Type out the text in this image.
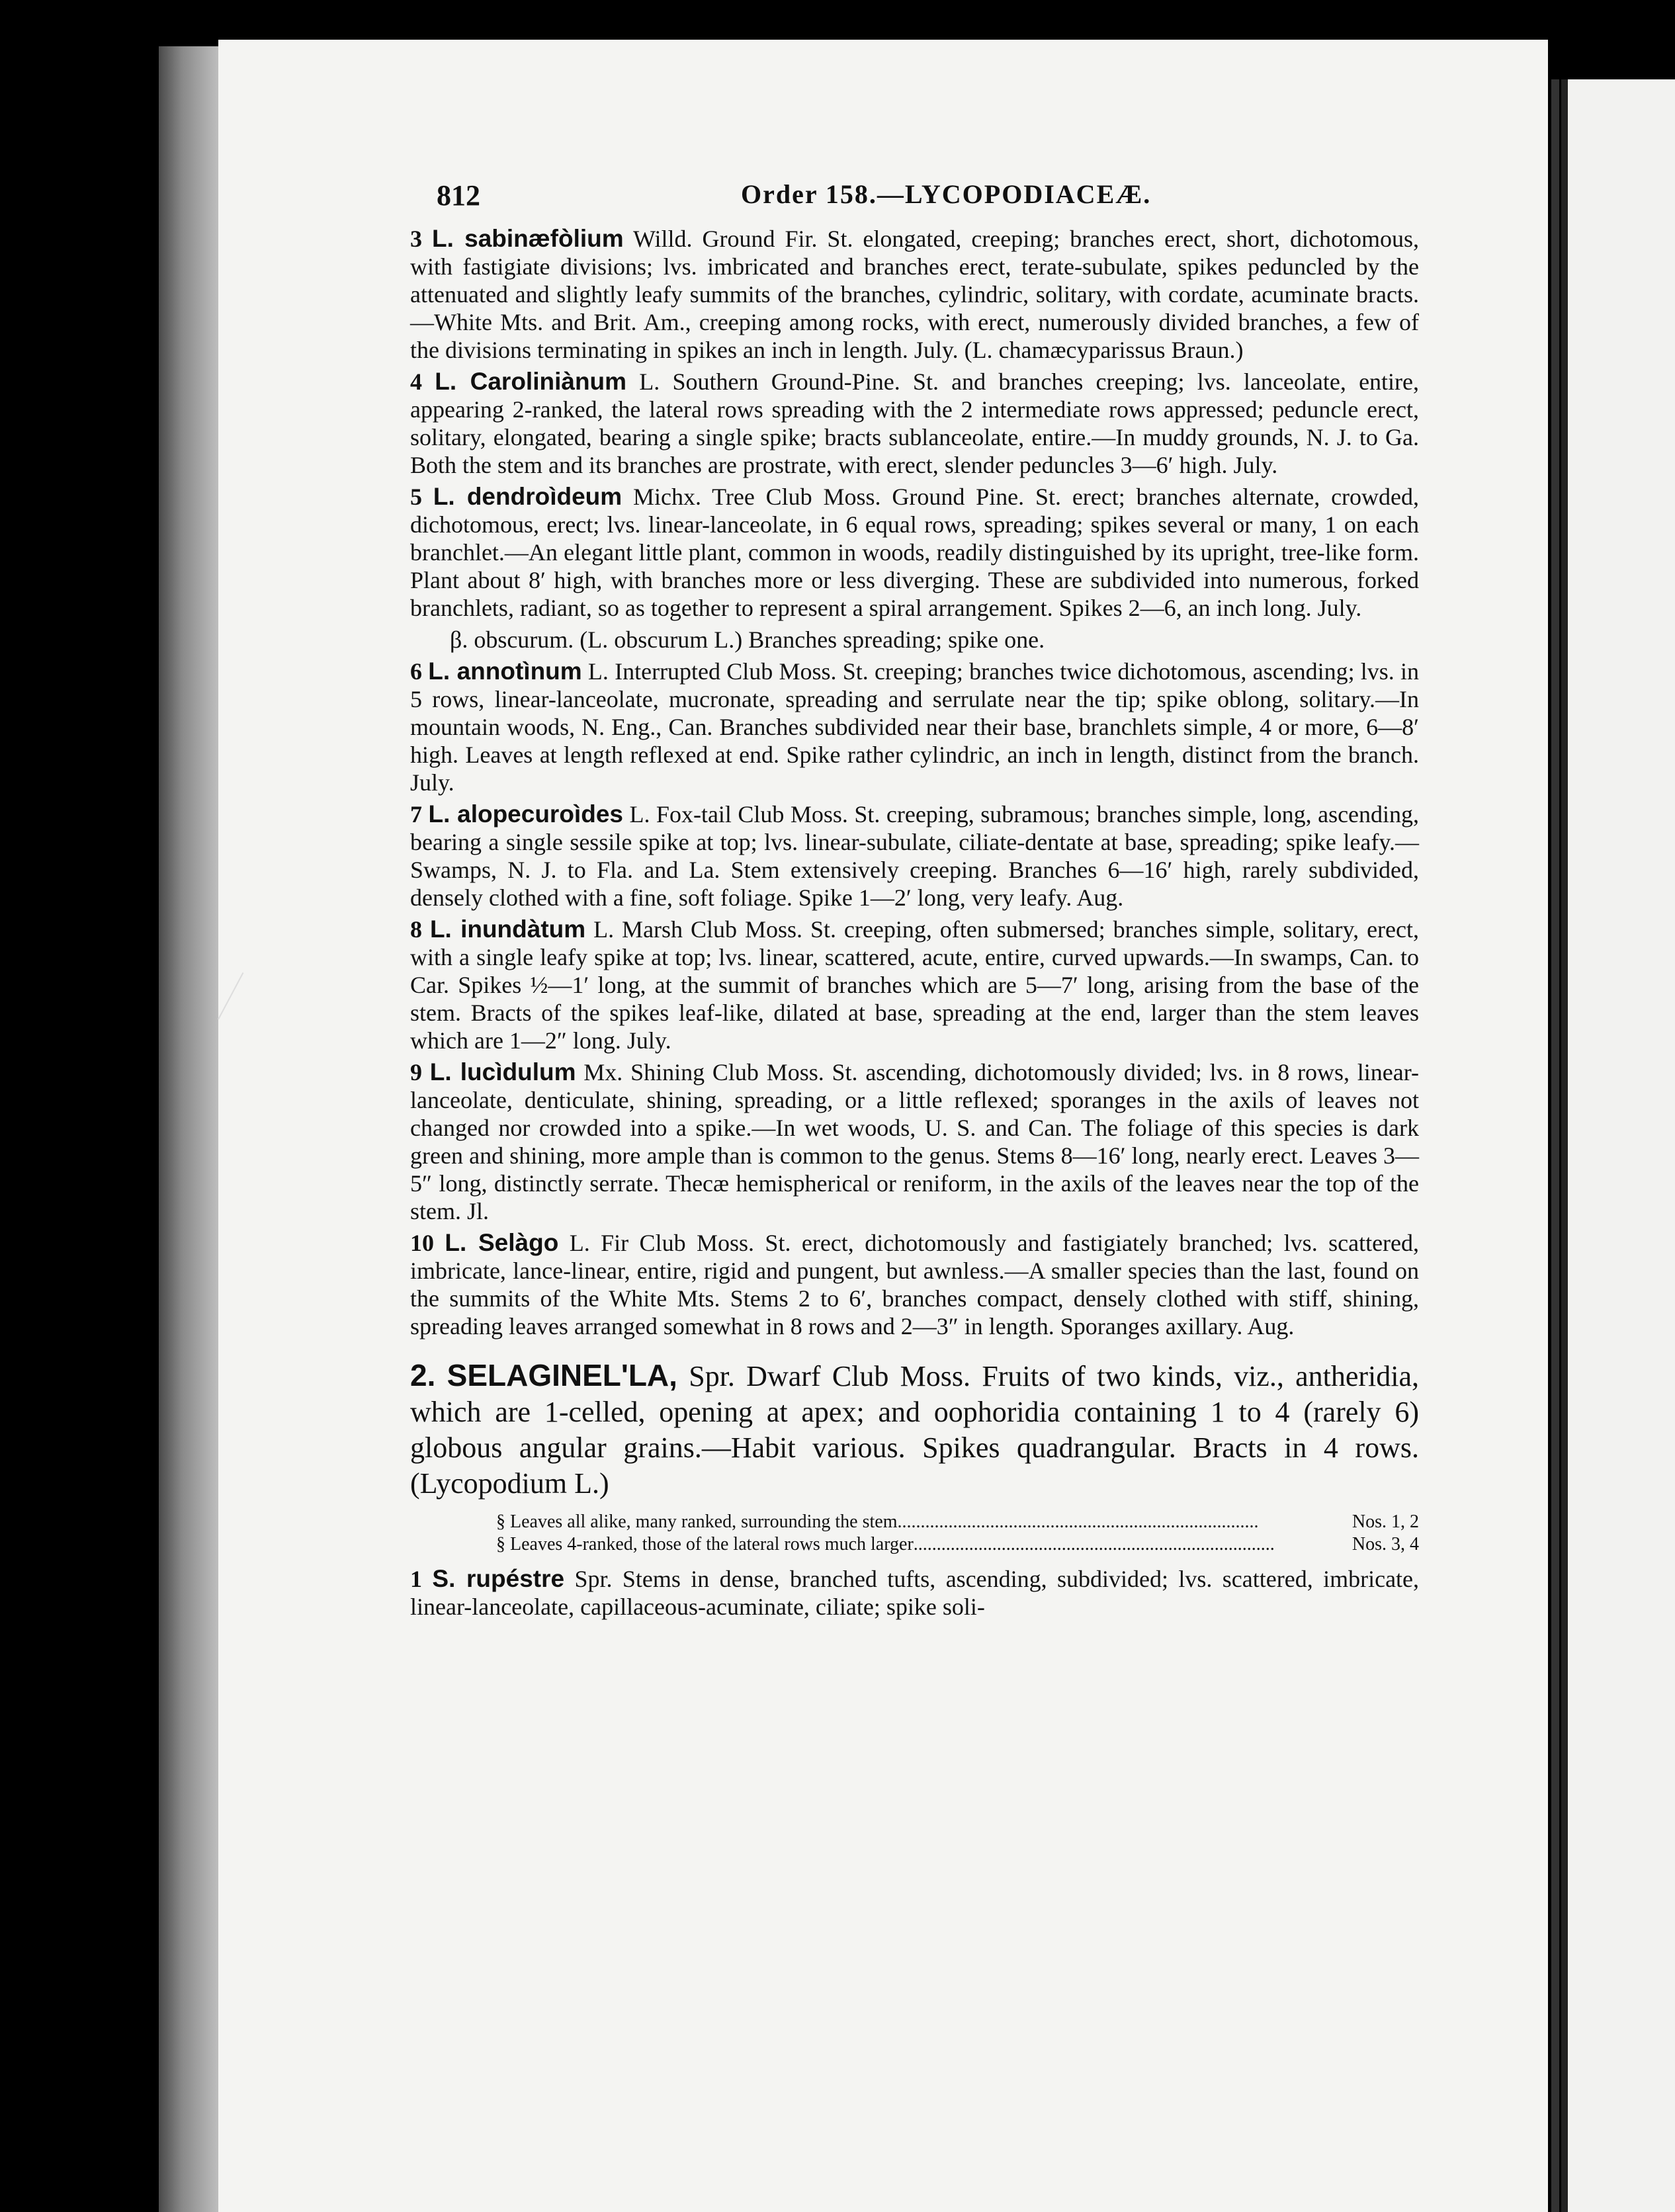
812	Order 158.—LYCOPODIACEÆ.
3 L. sabinæfòlium Willd. Ground Fir. St. elongated, creeping; branches erect, short, dichotomous, with fastigiate divisions; lvs. imbricated and branches erect, terate-subulate, spikes peduncled by the attenuated and slightly leafy summits of the branches, cylindric, solitary, with cordate, acuminate bracts.—White Mts. and Brit. Am., creeping among rocks, with erect, numerously divided branches, a few of the divisions terminating in spikes an inch in length. July. (L. chamæcyparissus Braun.)
4 L. Caroliniànum L. Southern Ground-Pine. St. and branches creeping; lvs. lanceolate, entire, appearing 2-ranked, the lateral rows spreading with the 2 intermediate rows appressed; peduncle erect, solitary, elongated, bearing a single spike; bracts sublanceolate, entire.—In muddy grounds, N. J. to Ga. Both the stem and its branches are prostrate, with erect, slender peduncles 3—6′ high. July.
5 L. dendroìdeum Michx. Tree Club Moss. Ground Pine. St. erect; branches alternate, crowded, dichotomous, erect; lvs. linear-lanceolate, in 6 equal rows, spreading; spikes several or many, 1 on each branchlet.—An elegant little plant, common in woods, readily distinguished by its upright, tree-like form. Plant about 8′ high, with branches more or less diverging. These are subdivided into numerous, forked branchlets, radiant, so as together to represent a spiral arrangement. Spikes 2—6, an inch long. July.
β. obscurum. (L. obscurum L.) Branches spreading; spike one.
6 L. annotìnum L. Interrupted Club Moss. St. creeping; branches twice dichotomous, ascending; lvs. in 5 rows, linear-lanceolate, mucronate, spreading and serrulate near the tip; spike oblong, solitary.—In mountain woods, N. Eng., Can. Branches subdivided near their base, branchlets simple, 4 or more, 6—8′ high. Leaves at length reflexed at end. Spike rather cylindric, an inch in length, distinct from the branch. July.
7 L. alopecuroìdes L. Fox-tail Club Moss. St. creeping, subramous; branches simple, long, ascending, bearing a single sessile spike at top; lvs. linear-subulate, ciliate-dentate at base, spreading; spike leafy.—Swamps, N. J. to Fla. and La. Stem extensively creeping. Branches 6—16′ high, rarely subdivided, densely clothed with a fine, soft foliage. Spike 1—2′ long, very leafy. Aug.
8 L. inundàtum L. Marsh Club Moss. St. creeping, often submersed; branches simple, solitary, erect, with a single leafy spike at top; lvs. linear, scattered, acute, entire, curved upwards.—In swamps, Can. to Car. Spikes ½—1′ long, at the summit of branches which are 5—7′ long, arising from the base of the stem. Bracts of the spikes leaf-like, dilated at base, spreading at the end, larger than the stem leaves which are 1—2″ long. July.
9 L. lucìdulum Mx. Shining Club Moss. St. ascending, dichotomously divided; lvs. in 8 rows, linear-lanceolate, denticulate, shining, spreading, or a little reflexed; sporanges in the axils of leaves not changed nor crowded into a spike.—In wet woods, U. S. and Can. The foliage of this species is dark green and shining, more ample than is common to the genus. Stems 8—16′ long, nearly erect. Leaves 3—5″ long, distinctly serrate. Thecæ hemispherical or reniform, in the axils of the leaves near the top of the stem. Jl.
10 L. Selàgo L. Fir Club Moss. St. erect, dichotomously and fastigiately branched; lvs. scattered, imbricate, lance-linear, entire, rigid and pungent, but awnless.—A smaller species than the last, found on the summits of the White Mts. Stems 2 to 6′, branches compact, densely clothed with stiff, shining, spreading leaves arranged somewhat in 8 rows and 2—3″ in length. Sporanges axillary. Aug.
2. SELAGINEL'LA, Spr. Dwarf Club Moss. Fruits of two kinds, viz., antheridia, which are 1-celled, opening at apex; and oophoridia containing 1 to 4 (rarely 6) globous angular grains.—Habit various. Spikes quadrangular. Bracts in 4 rows. (Lycopodium L.)
§ Leaves all alike, many ranked, surrounding the stem ..............................................................................	Nos. 1, 2
§ Leaves 4-ranked, those of the lateral rows much larger ..............................................................................	Nos. 3, 4
1 S. rupéstre Spr. Stems in dense, branched tufts, ascending, subdivided; lvs. scattered, imbricate, linear-lanceolate, capillaceous-acuminate, ciliate; spike soli-
